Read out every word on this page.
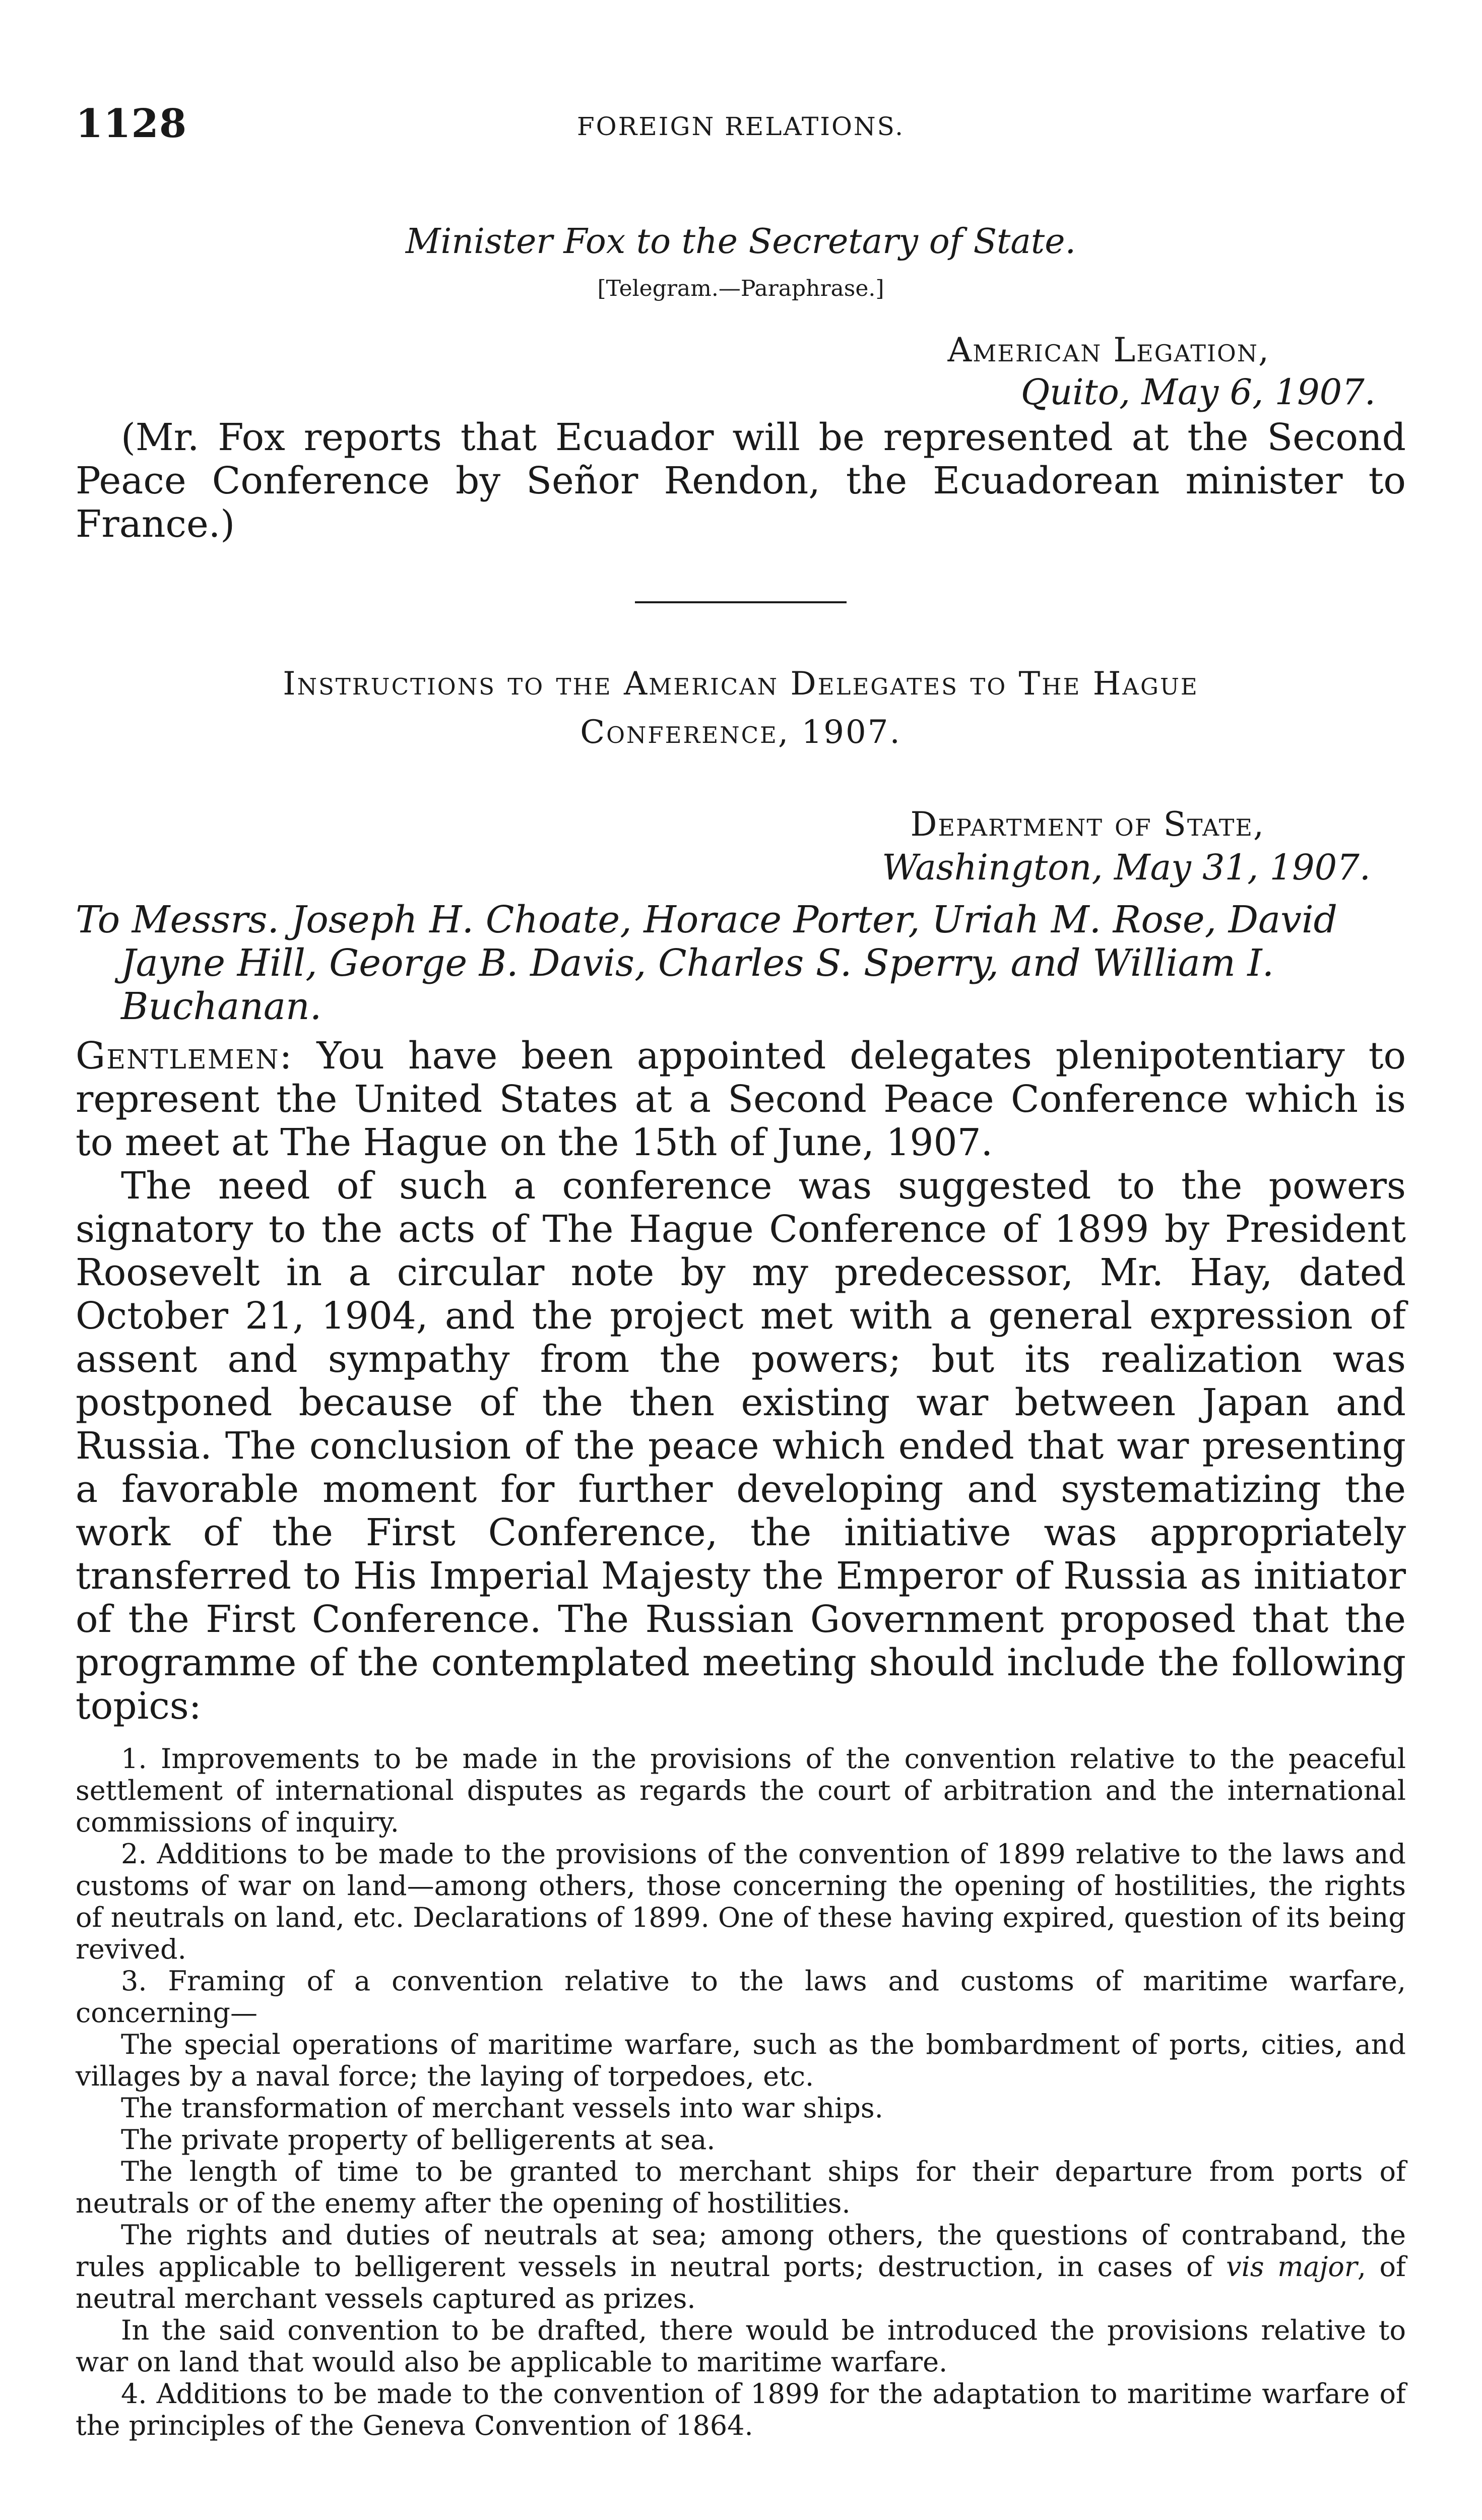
1128	FOREIGN RELATIONS.
Minister Fox to the Secretary of State.
[Telegram.—Paraphrase.]
American Legation,
Quito, May 6, 1907.

(Mr. Fox reports that Ecuador will be represented at the Second Peace Conference by Señor Rendon, the Ecuadorean minister to France.)

Instructions to the American Delegates to The Hague
Conference, 1907.
Department of State,
Washington, May 31, 1907.
To Messrs. Joseph H. Choate, Horace Porter, Uriah M. Rose, David Jayne Hill, George B. Davis, Charles S. Sperry, and William I. Buchanan.

Gentlemen: You have been appointed delegates plenipotentiary to represent the United States at a Second Peace Conference which is to meet at The Hague on the 15th of June, 1907.

The need of such a conference was suggested to the powers signatory to the acts of The Hague Conference of 1899 by President Roosevelt in a circular note by my predecessor, Mr. Hay, dated October 21, 1904, and the project met with a general expression of assent and sympathy from the powers; but its realization was postponed because of the then existing war between Japan and Russia. The conclusion of the peace which ended that war presenting a favorable moment for further developing and systematizing the work of the First Conference, the initiative was appropriately transferred to His Imperial Majesty the Emperor of Russia as initiator of the First Conference. The Russian Government proposed that the programme of the contemplated meeting should include the following topics:

1. Improvements to be made in the provisions of the convention relative to the peaceful settlement of international disputes as regards the court of arbitration and the international commissions of inquiry.

2. Additions to be made to the provisions of the convention of 1899 relative to the laws and customs of war on land—among others, those concerning the opening of hostilities, the rights of neutrals on land, etc. Declarations of 1899. One of these having expired, question of its being revived.

3. Framing of a convention relative to the laws and customs of maritime warfare, concerning—

The special operations of maritime warfare, such as the bombardment of ports, cities, and villages by a naval force; the laying of torpedoes, etc.

The transformation of merchant vessels into war ships.

The private property of belligerents at sea.

The length of time to be granted to merchant ships for their departure from ports of neutrals or of the enemy after the opening of hostilities.

The rights and duties of neutrals at sea; among others, the questions of contraband, the rules applicable to belligerent vessels in neutral ports; destruction, in cases of vis major, of neutral merchant vessels captured as prizes.

In the said convention to be drafted, there would be introduced the provisions relative to war on land that would also be applicable to maritime warfare.

4. Additions to be made to the convention of 1899 for the adaptation to maritime warfare of the principles of the Geneva Convention of 1864.
